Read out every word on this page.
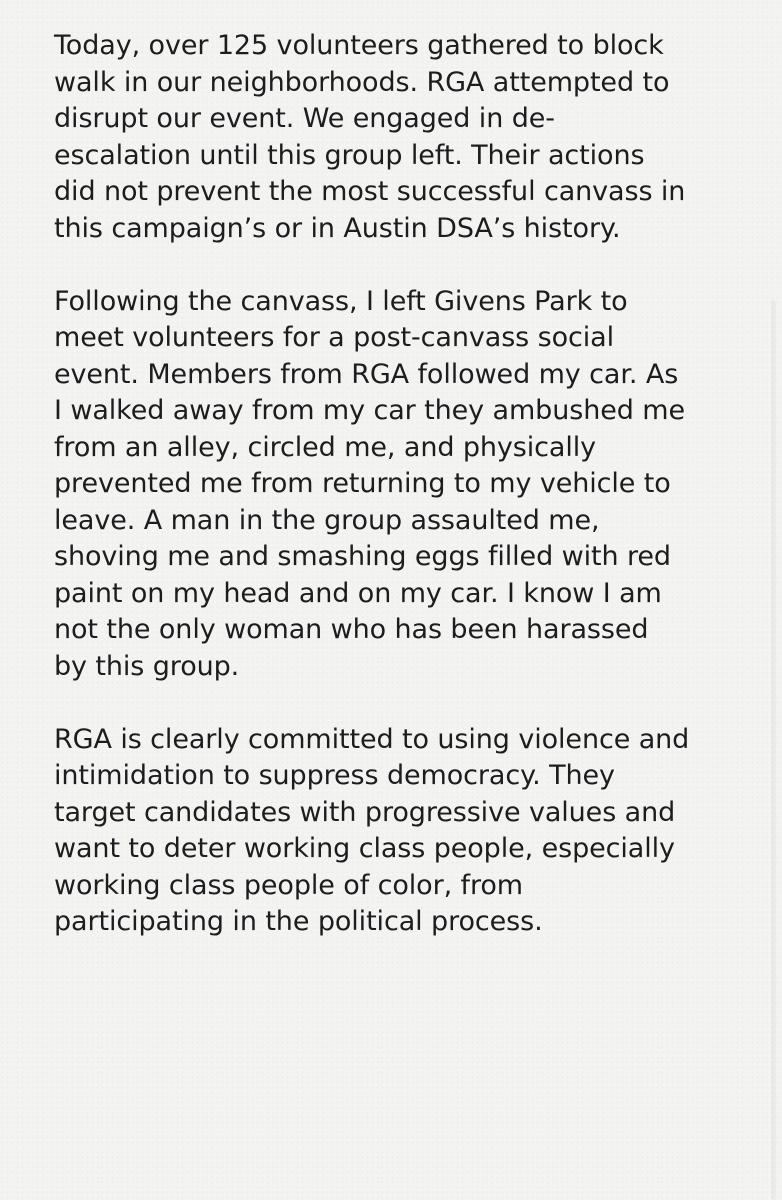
Today, over 125 volunteers gathered to block
walk in our neighborhoods. RGA attempted to
disrupt our event. We engaged in de-
escalation until this group left. Their actions
did not prevent the most successful canvass in
this campaign’s or in Austin DSA’s history.

Following the canvass, I left Givens Park to
meet volunteers for a post-canvass social
event. Members from RGA followed my car. As
I walked away from my car they ambushed me
from an alley, circled me, and physically
prevented me from returning to my vehicle to
leave. A man in the group assaulted me,
shoving me and smashing eggs filled with red
paint on my head and on my car. I know I am
not the only woman who has been harassed
by this group.

RGA is clearly committed to using violence and
intimidation to suppress democracy. They
target candidates with progressive values and
want to deter working class people, especially
working class people of color, from
participating in the political process.
